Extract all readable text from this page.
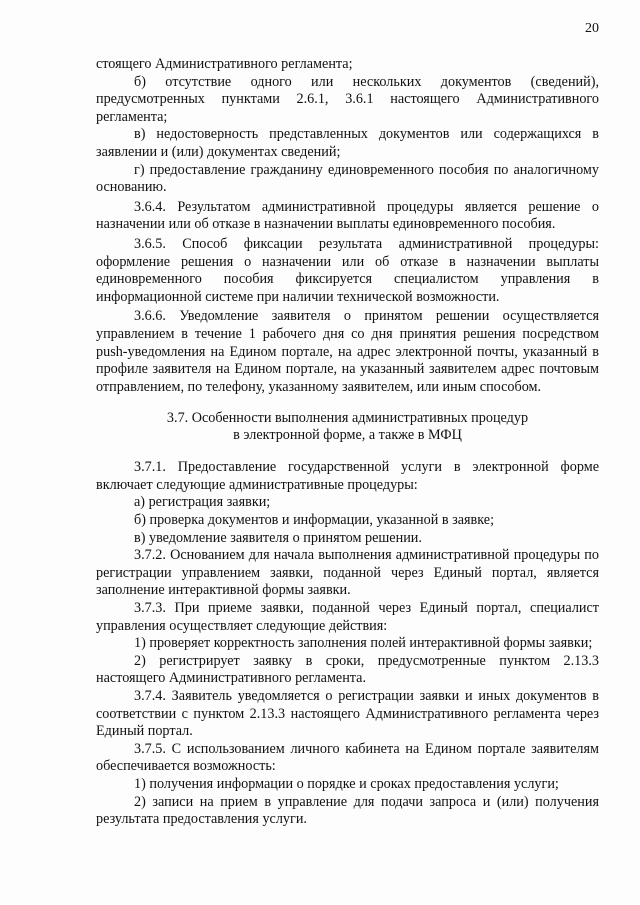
20

стоящего Административного регламента;

б) отсутствие одного или нескольких документов (сведений), предусмотренных пунктами 2.6.1, 3.6.1 настоящего Административного регламента;

в) недостоверность представленных документов или содержащихся в заявлении и (или) документах сведений;

г) предоставление гражданину единовременного пособия по аналогичному основанию.

3.6.4. Результатом административной процедуры является решение о назначении или об отказе в назначении выплаты единовременного пособия.

3.6.5. Способ фиксации результата административной процедуры: оформление решения о назначении или об отказе в назначении выплаты единовременного пособия фиксируется специалистом управления в информационной системе при наличии технической возможности.

3.6.6. Уведомление заявителя о принятом решении осуществляется управлением в течение 1 рабочего дня со дня принятия решения посредством push-уведомления на Едином портале, на адрес электронной почты, указанный в профиле заявителя на Едином портале, на указанный заявителем адрес почтовым отправлением, по телефону, указанному заявителем, или иным способом.

3.7. Особенности выполнения административных процедур
в электронной форме, а также в МФЦ

3.7.1. Предоставление государственной услуги в электронной форме включает следующие административные процедуры:

а) регистрация заявки;

б) проверка документов и информации, указанной в заявке;

в) уведомление заявителя о принятом решении.

3.7.2. Основанием для начала выполнения административной процедуры по регистрации управлением заявки, поданной через Единый портал, является заполнение интерактивной формы заявки.

3.7.3. При приеме заявки, поданной через Единый портал, специалист управления осуществляет следующие действия:

1) проверяет корректность заполнения полей интерактивной формы заявки;

2) регистрирует заявку в сроки, предусмотренные пунктом 2.13.3 настоящего Административного регламента.

3.7.4. Заявитель уведомляется о регистрации заявки и иных документов в соответствии с пунктом 2.13.3 настоящего Административного регламента через Единый портал.

3.7.5. С использованием личного кабинета на Едином портале заявителям обеспечивается возможность:

1) получения информации о порядке и сроках предоставления услуги;

2) записи на прием в управление для подачи запроса и (или) получения результата предоставления услуги.
